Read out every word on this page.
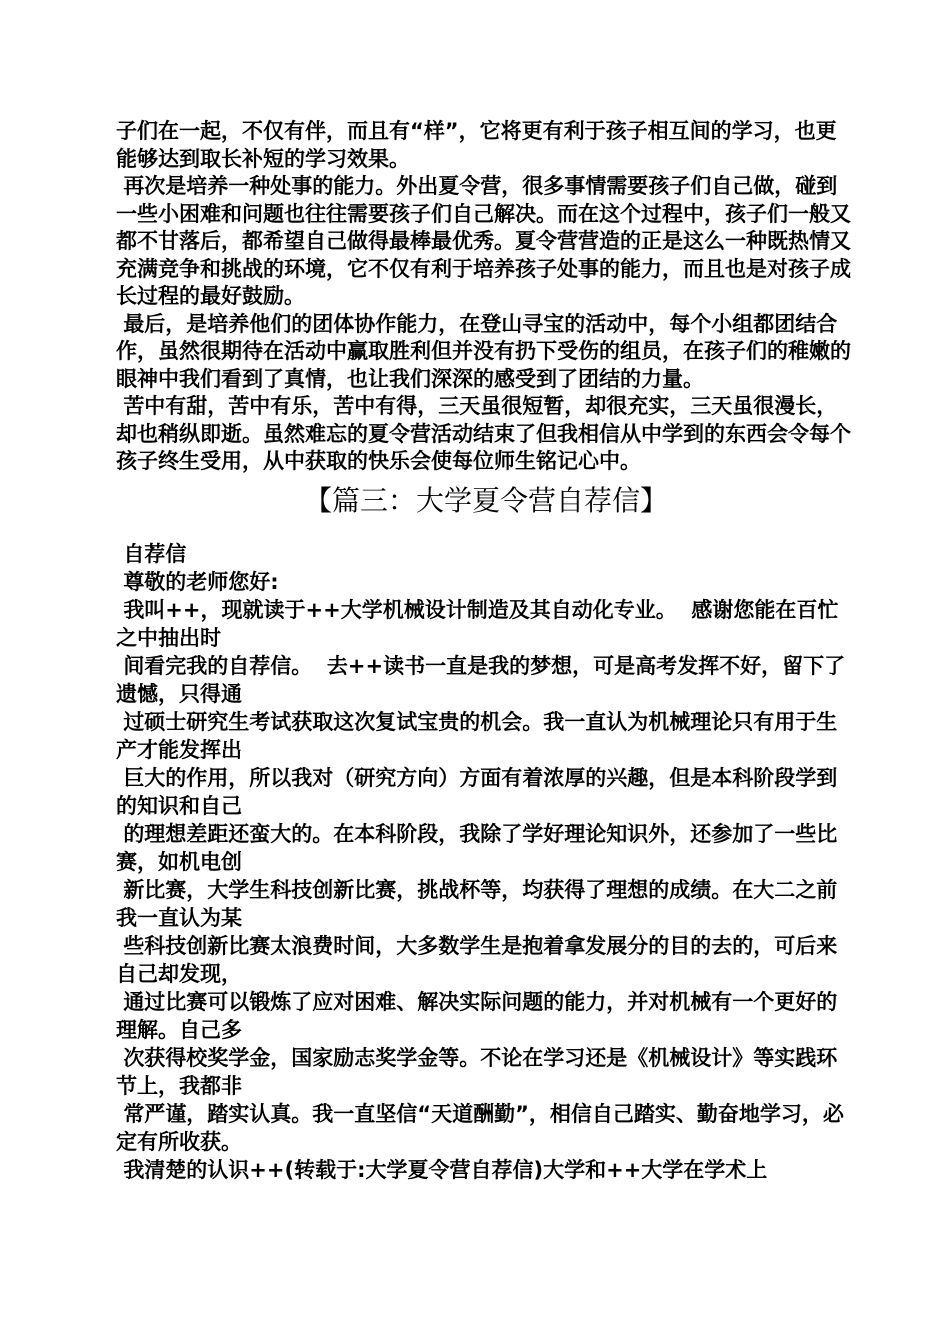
子们在一起，不仅有伴，而且有“样”，它将更有利于孩子相互间的学习，也更能够达到取长补短的学习效果。

再次是培养一种处事的能力。外出夏令营，很多事情需要孩子们自己做，碰到一些小困难和问题也往往需要孩子们自己解决。而在这个过程中，孩子们一般又都不甘落后，都希望自己做得最棒最优秀。夏令营营造的正是这么一种既热情又充满竞争和挑战的环境，它不仅有利于培养孩子处事的能力，而且也是对孩子成长过程的最好鼓励。

最后，是培养他们的团体协作能力，在登山寻宝的活动中，每个小组都团结合作，虽然很期待在活动中赢取胜利但并没有扔下受伤的组员，在孩子们的稚嫩的眼神中我们看到了真情，也让我们深深的感受到了团结的力量。

苦中有甜，苦中有乐，苦中有得，三天虽很短暂，却很充实，三天虽很漫长，却也稍纵即逝。虽然难忘的夏令营活动结束了但我相信从中学到的东西会令每个孩子终生受用，从中获取的快乐会使每位师生铭记心中。

【篇三：大学夏令营自荐信】

自荐信

尊敬的老师您好:

我叫++，现就读于++大学机械设计制造及其自动化专业。  感谢您能在百忙之中抽出时

间看完我的自荐信。  去++读书一直是我的梦想，可是高考发挥不好，留下了遗憾，只得通

过硕士研究生考试获取这次复试宝贵的机会。我一直认为机械理论只有用于生产才能发挥出

巨大的作用，所以我对（研究方向）方面有着浓厚的兴趣，但是本科阶段学到的知识和自己

的理想差距还蛮大的。在本科阶段，我除了学好理论知识外，还参加了一些比赛，如机电创

新比赛，大学生科技创新比赛，挑战杯等，均获得了理想的成绩。在大二之前我一直认为某

些科技创新比赛太浪费时间，大多数学生是抱着拿发展分的目的去的，可后来自己却发现，

通过比赛可以锻炼了应对困难、解决实际问题的能力，并对机械有一个更好的理解。自己多

次获得校奖学金，国家励志奖学金等。不论在学习还是《机械设计》等实践环节上，我都非

常严谨，踏实认真。我一直坚信“天道酬勤”，相信自己踏实、勤奋地学习，必定有所收获。

我清楚的认识++(转载于:大学夏令营自荐信)大学和++大学在学术上
